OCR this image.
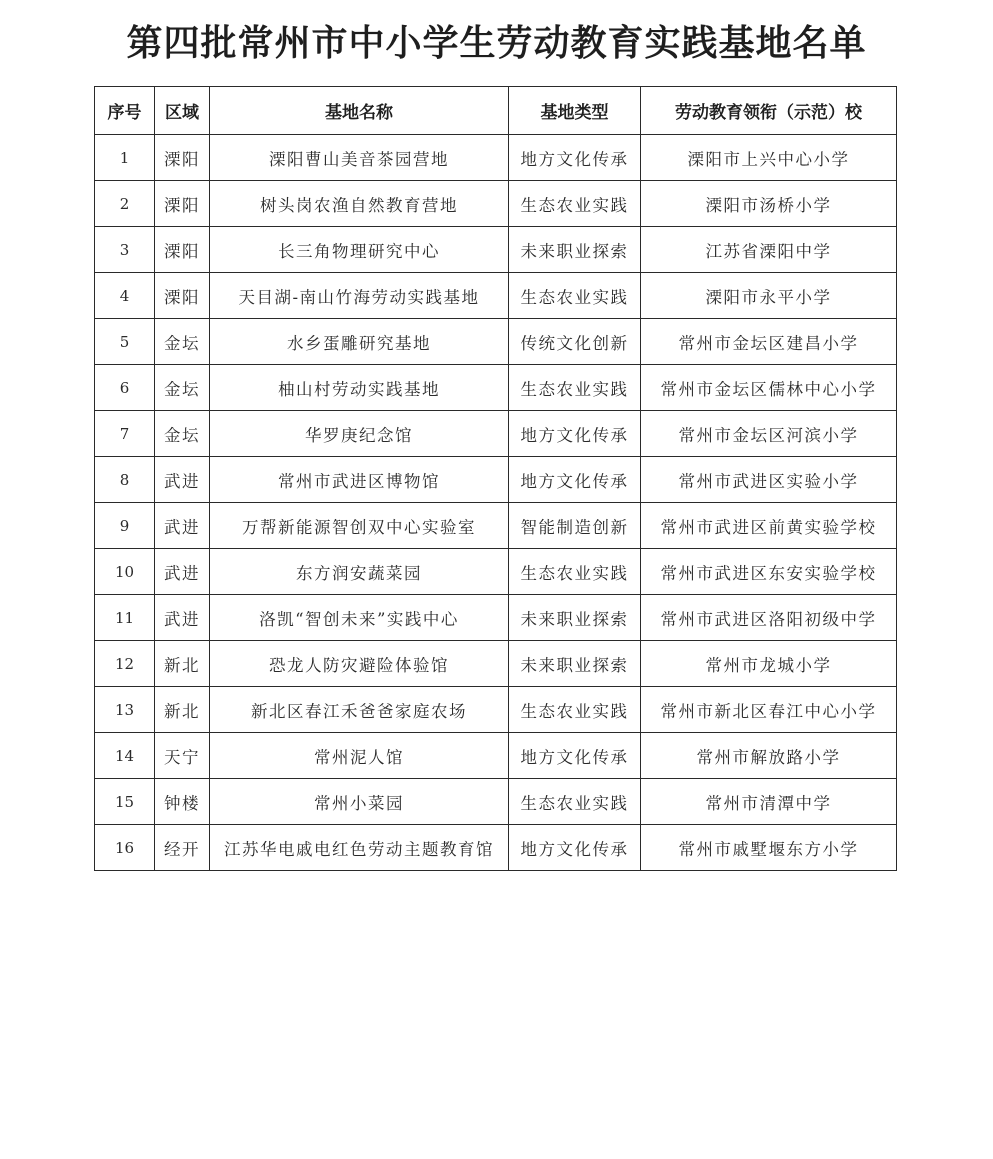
第四批常州市中小学生劳动教育实践基地名单
序号	区域	基地名称	基地类型	劳动教育领衔（示范）校
1	溧阳	溧阳曹山美音茶园营地	地方文化传承	溧阳市上兴中心小学
2	溧阳	树头岗农渔自然教育营地	生态农业实践	溧阳市汤桥小学
3	溧阳	长三角物理研究中心	未来职业探索	江苏省溧阳中学
4	溧阳	天目湖-南山竹海劳动实践基地	生态农业实践	溧阳市永平小学
5	金坛	水乡蛋雕研究基地	传统文化创新	常州市金坛区建昌小学
6	金坛	柚山村劳动实践基地	生态农业实践	常州市金坛区儒林中心小学
7	金坛	华罗庚纪念馆	地方文化传承	常州市金坛区河滨小学
8	武进	常州市武进区博物馆	地方文化传承	常州市武进区实验小学
9	武进	万帮新能源智创双中心实验室	智能制造创新	常州市武进区前黄实验学校
10	武进	东方润安蔬菜园	生态农业实践	常州市武进区东安实验学校
11	武进	洛凯“智创未来”实践中心	未来职业探索	常州市武进区洛阳初级中学
12	新北	恐龙人防灾避险体验馆	未来职业探索	常州市龙城小学
13	新北	新北区春江禾爸爸家庭农场	生态农业实践	常州市新北区春江中心小学
14	天宁	常州泥人馆	地方文化传承	常州市解放路小学
15	钟楼	常州小菜园	生态农业实践	常州市清潭中学
16	经开	江苏华电戚电红色劳动主题教育馆	地方文化传承	常州市戚墅堰东方小学
